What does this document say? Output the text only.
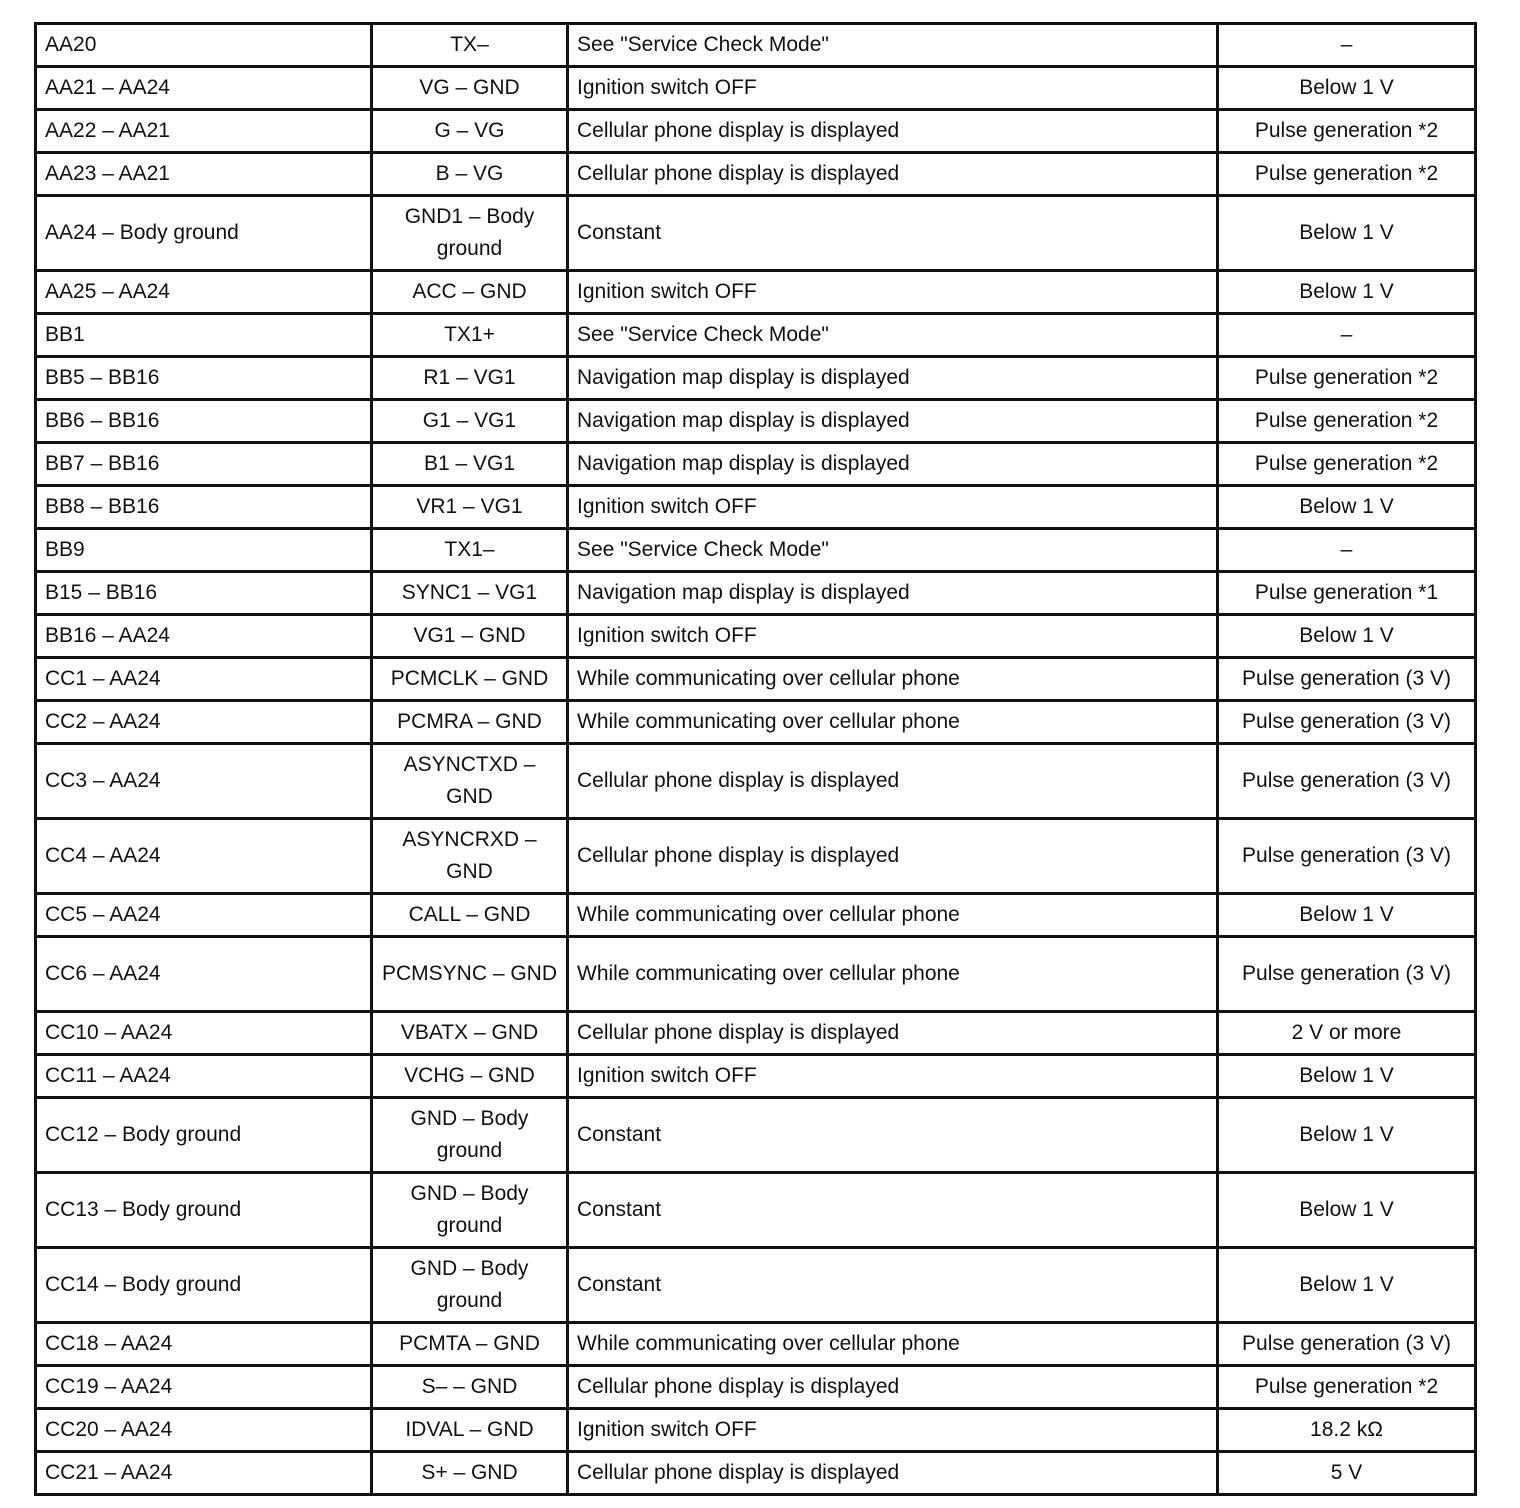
AA20	TX–	See "Service Check Mode"	–
AA21 – AA24	VG – GND	Ignition switch OFF	Below 1 V
AA22 – AA21	G – VG	Cellular phone display is displayed	Pulse generation *2
AA23 – AA21	B – VG	Cellular phone display is displayed	Pulse generation *2
AA24 – Body ground	GND1 – Body ground	Constant	Below 1 V
AA25 – AA24	ACC – GND	Ignition switch OFF	Below 1 V
BB1	TX1+	See "Service Check Mode"	–
BB5 – BB16	R1 – VG1	Navigation map display is displayed	Pulse generation *2
BB6 – BB16	G1 – VG1	Navigation map display is displayed	Pulse generation *2
BB7 – BB16	B1 – VG1	Navigation map display is displayed	Pulse generation *2
BB8 – BB16	VR1 – VG1	Ignition switch OFF	Below 1 V
BB9	TX1–	See "Service Check Mode"	–
B15 – BB16	SYNC1 – VG1	Navigation map display is displayed	Pulse generation *1
BB16 – AA24	VG1 – GND	Ignition switch OFF	Below 1 V
CC1 – AA24	PCMCLK – GND	While communicating over cellular phone	Pulse generation (3 V)
CC2 – AA24	PCMRA – GND	While communicating over cellular phone	Pulse generation (3 V)
CC3 – AA24	ASYNCTXD – GND	Cellular phone display is displayed	Pulse generation (3 V)
CC4 – AA24	ASYNCRXD – GND	Cellular phone display is displayed	Pulse generation (3 V)
CC5 – AA24	CALL – GND	While communicating over cellular phone	Below 1 V
CC6 – AA24	PCMSYNC – GND	While communicating over cellular phone	Pulse generation (3 V)
CC10 – AA24	VBATX – GND	Cellular phone display is displayed	2 V or more
CC11 – AA24	VCHG – GND	Ignition switch OFF	Below 1 V
CC12 – Body ground	GND – Body ground	Constant	Below 1 V
CC13 – Body ground	GND – Body ground	Constant	Below 1 V
CC14 – Body ground	GND – Body ground	Constant	Below 1 V
CC18 – AA24	PCMTA – GND	While communicating over cellular phone	Pulse generation (3 V)
CC19 – AA24	S– – GND	Cellular phone display is displayed	Pulse generation *2
CC20 – AA24	IDVAL – GND	Ignition switch OFF	18.2 kΩ
CC21 – AA24	S+ – GND	Cellular phone display is displayed	5 V
